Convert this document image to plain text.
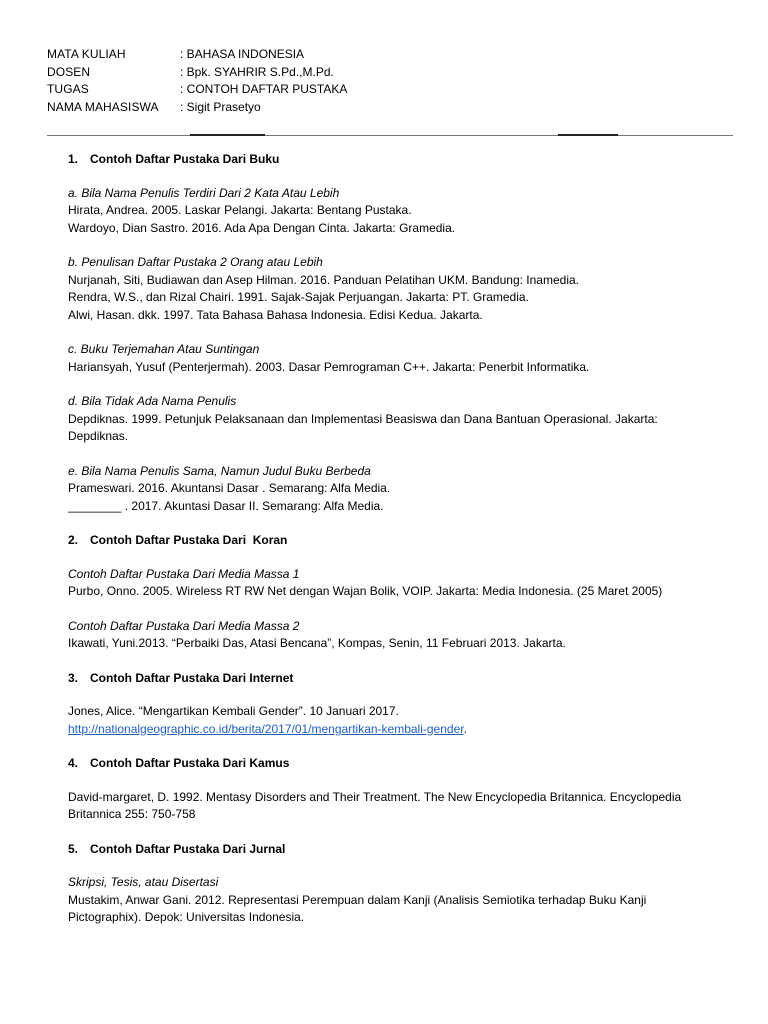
MATA KULIAH	: BAHASA INDONESIA
DOSEN	: Bpk. SYAHRIR S.Pd.,M.Pd.
TUGAS	: CONTOH DAFTAR PUSTAKA
NAMA MAHASISWA	: Sigit Prasetyo
1. Contoh Daftar Pustaka Dari Buku
a. Bila Nama Penulis Terdiri Dari 2 Kata Atau Lebih
Hirata, Andrea. 2005. Laskar Pelangi. Jakarta: Bentang Pustaka.
Wardoyo, Dian Sastro. 2016. Ada Apa Dengan Cinta. Jakarta: Gramedia.
b. Penulisan Daftar Pustaka 2 Orang atau Lebih
Nurjanah, Siti, Budiawan dan Asep Hilman. 2016. Panduan Pelatihan UKM. Bandung: Inamedia.
Rendra, W.S., dan Rizal Chairi. 1991. Sajak-Sajak Perjuangan. Jakarta: PT. Gramedia.
Alwi, Hasan. dkk. 1997. Tata Bahasa Bahasa Indonesia. Edisi Kedua. Jakarta.
c. Buku Terjemahan Atau Suntingan
Hariansyah, Yusuf (Penterjermah). 2003. Dasar Pemrograman C++. Jakarta: Penerbit Informatika.
d. Bila Tidak Ada Nama Penulis
Depdiknas. 1999. Petunjuk Pelaksanaan dan Implementasi Beasiswa dan Dana Bantuan Operasional. Jakarta:
Depdiknas.
e. Bila Nama Penulis Sama, Namun Judul Buku Berbeda
Prameswari. 2016. Akuntansi Dasar . Semarang: Alfa Media.
________ . 2017. Akuntasi Dasar II. Semarang: Alfa Media.
2. Contoh Daftar Pustaka Dari  Koran
Contoh Daftar Pustaka Dari Media Massa 1
Purbo, Onno. 2005. Wireless RT RW Net dengan Wajan Bolik, VOIP. Jakarta: Media Indonesia. (25 Maret 2005)
Contoh Daftar Pustaka Dari Media Massa 2
Ikawati, Yuni.2013. “Perbaiki Das, Atasi Bencana”, Kompas, Senin, 11 Februari 2013. Jakarta.
3. Contoh Daftar Pustaka Dari Internet
Jones, Alice. “Mengartikan Kembali Gender”. 10 Januari 2017.
http://nationalgeographic.co.id/berita/2017/01/mengartikan-kembali-gender.
4. Contoh Daftar Pustaka Dari Kamus
David-margaret, D. 1992. Mentasy Disorders and Their Treatment. The New Encyclopedia Britannica. Encyclopedia
Britannica 255: 750-758
5. Contoh Daftar Pustaka Dari Jurnal
Skripsi, Tesis, atau Disertasi
Mustakim, Anwar Gani. 2012. Representasi Perempuan dalam Kanji (Analisis Semiotika terhadap Buku Kanji
Pictographix). Depok: Universitas Indonesia.
